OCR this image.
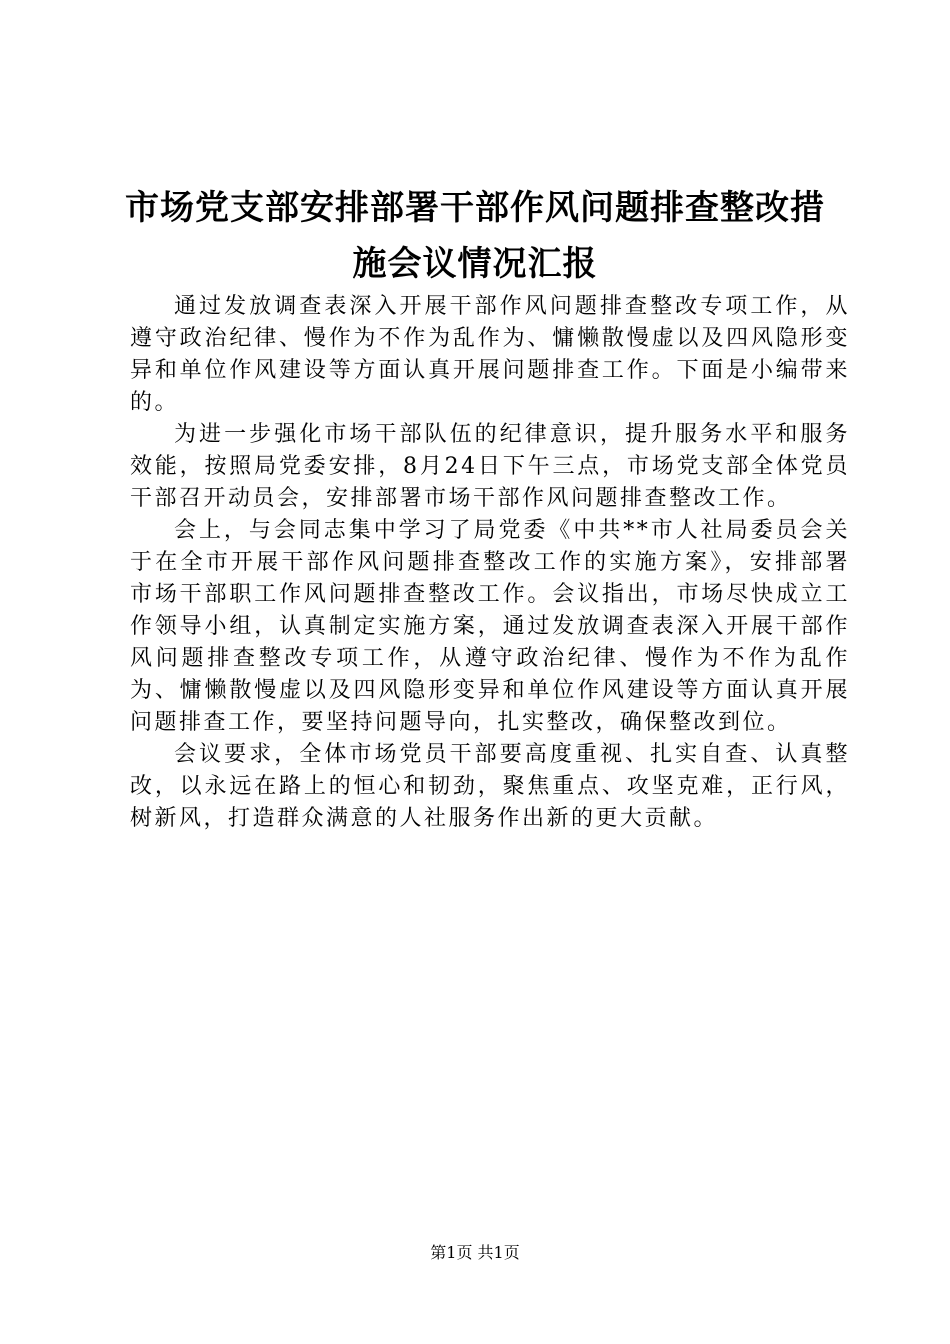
市场党支部安排部署干部作风问题排查整改措
施会议情况汇报

通过发放调查表深入开展干部作风问题排查整改专项工作，从遵守政治纪律、慢作为不作为乱作为、慵懒散慢虚以及四风隐形变异和单位作风建设等方面认真开展问题排查工作。下面是小编带来的。

为进一步强化市场干部队伍的纪律意识，提升服务水平和服务效能，按照局党委安排，8月24日下午三点，市场党支部全体党员干部召开动员会，安排部署市场干部作风问题排查整改工作。

会上，与会同志集中学习了局党委《中共**市人社局委员会关于在全市开展干部作风问题排查整改工作的实施方案》，安排部署市场干部职工作风问题排查整改工作。会议指出，市场尽快成立工作领导小组，认真制定实施方案，通过发放调查表深入开展干部作风问题排查整改专项工作，从遵守政治纪律、慢作为不作为乱作为、慵懒散慢虚以及四风隐形变异和单位作风建设等方面认真开展问题排查工作，要坚持问题导向，扎实整改，确保整改到位。

会议要求，全体市场党员干部要高度重视、扎实自查、认真整改，以永远在路上的恒心和韧劲，聚焦重点、攻坚克难，正行风，树新风，打造群众满意的人社服务作出新的更大贡献。

第1页 共1页
